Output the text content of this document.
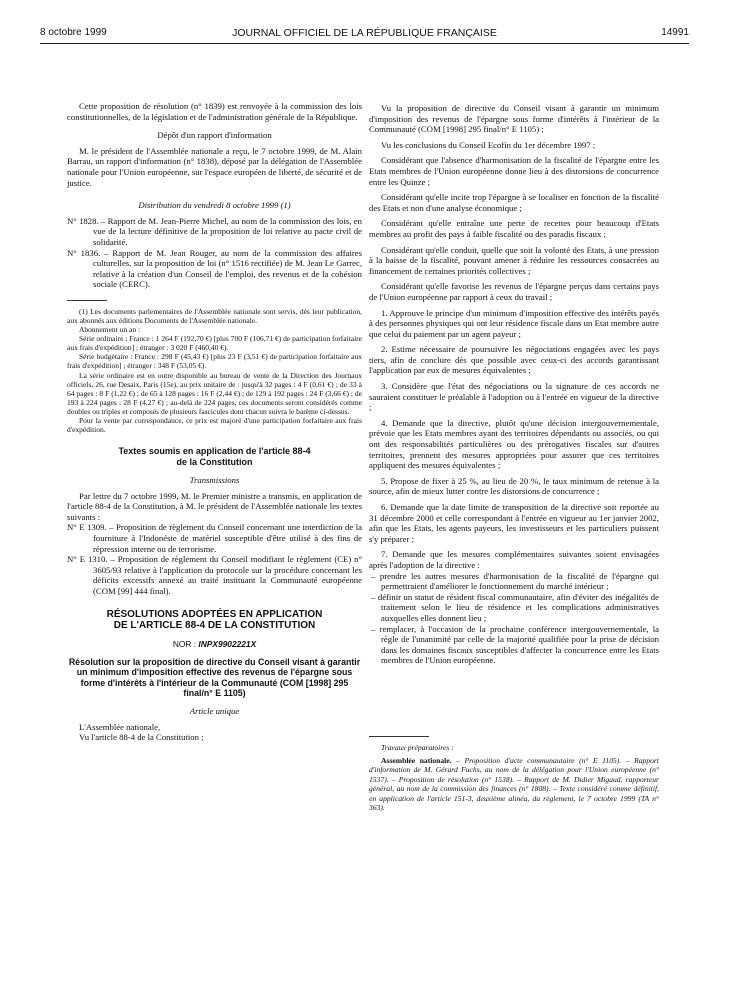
8 octobre 1999	JOURNAL OFFICIEL DE LA RÉPUBLIQUE FRANÇAISE	14991

Cette proposition de résolution (n° 1839) est renvoyée à la commission des lois constitutionnelles, de la législation et de l'administration générale de la République.

Dépôt d'un rapport d'information

M. le président de l'Assemblée nationale a reçu, le 7 octobre 1999, de M. Alain Barrau, un rapport d'information (n° 1838), déposé par la délégation de l'Assemblée nationale pour l'Union européenne, sur l'espace européen de liberté, de sécurité et de justice.

Distribution du vendredi 8 octobre 1999 (1)

N° 1828. – Rapport de M. Jean-Pierre Michel, au nom de la commission des lois, en vue de la lecture définitive de la proposition de loi relative au pacte civil de solidarité.

N° 1836. – Rapport de M. Jean Rouger, au nom de la commission des affaires culturelles, sur la proposition de loi (n° 1516 rectifiée) de M. Jean Le Garrec, relative à la création d'un Conseil de l'emploi, des revenus et de la cohésion sociale (CERC).

(1) Les documents parlementaires de l'Assemblée nationale sont servis, dès leur publication, aux abonnés aux éditions Documents de l'Assemblée nationale.

Abonnement un an :

Série ordinaire : France : 1 264 F (192,70 €) [plus 700 F (106,71 €) de participation forfaitaire aux frais d'expédition] ; étranger : 3 020 F (460,40 €).

Série budgétaire : France : 298 F (45,43 €) [plus 23 F (3,51 €) de participation forfaitaire aux frais d'expédition] ; étranger : 348 F (53,05 €).

La série ordinaire est en outre disponible au bureau de vente de la Direction des Journaux officiels, 26, rue Desaix, Paris (15e), au prix unitaire de : jusqu'à 32 pages : 4 F (0,61 €) ; de 33 à 64 pages : 8 F (1,22 €) ; de 65 à 128 pages : 16 F (2,44 €) ; de 129 à 192 pages : 24 F (3,66 €) ; de 193 à 224 pages : 28 F (4,27 €) ; au-delà de 224 pages, ces documents seront considérés comme doubles ou triples et composés de plusieurs fascicules dont chacun suivra le barème ci-dessus.

Pour la vente par correspondance, ce prix est majoré d'une participation forfaitaire aux frais d'expédition.

Textes soumis en application de l'article 88-4
de la Constitution

Transmissions

Par lettre du 7 octobre 1999, M. le Premier ministre a transmis, en application de l'article 88-4 de la Constitution, à M. le président de l'Assemblée nationale les textes suivants :

N° E 1309. – Proposition de règlement du Conseil concernant une interdiction de la fourniture à l'Indonésie de matériel susceptible d'être utilisé à des fins de répression interne ou de terrorisme.

N° E 1310. – Proposition de règlement du Conseil modifiant le règlement (CE) n° 3605/93 relative à l'application du protocole sur la procédure concernant les déficits excessifs annexé au traité instituant la Communauté européenne (COM [99] 444 final).

RÉSOLUTIONS ADOPTÉES EN APPLICATION
DE L'ARTICLE 88-4 DE LA CONSTITUTION

NOR : INPX9902221X

Résolution sur la proposition de directive du Conseil visant à garantir un minimum d'imposition effective des revenus de l'épargne sous forme d'intérêts à l'intérieur de la Communauté (COM [1998] 295 final/n° E 1105)

Article unique

L'Assemblée nationale,

Vu l'article 88-4 de la Constitution ;

Vu la proposition de directive du Conseil visant à garantir un minimum d'imposition des revenus de l'épargne sous forme d'intérêts à l'intérieur de la Communauté (COM [1998] 295 final/n° E 1105) ;

Vu les conclusions du Conseil Ecofin du 1er décembre 1997 ;

Considérant que l'absence d'harmonisation de la fiscalité de l'épargne entre les Etats membres de l'Union européenne donne lieu à des distorsions de concurrence entre les Quinze ;

Considérant qu'elle incite trop l'épargne à se localiser en fonction de la fiscalité des Etats et non d'une analyse économique ;

Considérant qu'elle entraîne une perte de recettes pour beaucoup d'Etats membres au profit des pays à faible fiscalité ou des paradis fiscaux ;

Considérant qu'elle conduit, quelle que soit la volonté des Etats, à une pression à la baisse de la fiscalité, pouvant amener à réduire les ressources consacrées au financement de certaines priorités collectives ;

Considérant qu'elle favorise les revenus de l'épargne perçus dans certains pays de l'Union européenne par rapport à ceux du travail ;

1. Approuve le principe d'un minimum d'imposition effective des intérêts payés à des personnes physiques qui ont leur résidence fiscale dans un Etat membre autre que celui du paiement par un agent payeur ;

2. Estime nécessaire de poursuivre les négociations engagées avec les pays tiers, afin de conclure dès que possible avec ceux-ci des accords garantissant l'application par eux de mesures équivalentes ;

3. Considère que l'état des négociations ou la signature de ces accords ne sauraient constituer le préalable à l'adoption ou à l'entrée en vigueur de la directive ;

4. Demande que la directive, plutôt qu'une décision intergouvernementale, prévoie que les Etats membres ayant des territoires dépendants ou associés, ou qui ont des responsabilités particulières ou des prérogatives fiscales sur d'autres territoires, prennent des mesures appropriées pour assurer que ces territoires appliquent des mesures équivalentes ;

5. Propose de fixer à 25 %, au lieu de 20 %, le taux minimum de retenue à la source, afin de mieux lutter contre les distorsions de concurrence ;

6. Demande que la date limite de transposition de la directive soit reportée au 31 décembre 2000 et celle correspondant à l'entrée en vigueur au 1er janvier 2002, afin que les Etats, les agents payeurs, les investisseurs et les particuliers puissent s'y préparer ;

7. Demande que les mesures complémentaires suivantes soient envisagées après l'adoption de la directive :

– prendre les autres mesures d'harmonisation de la fiscalité de l'épargne qui permettraient d'améliorer le fonctionnement du marché intérieur ;

– définir un statut de résident fiscal communautaire, afin d'éviter des inégalités de traitement selon le lieu de résidence et les complications administratives auxquelles elles donnent lieu ;

– remplacer, à l'occasion de la prochaine conférence intergouvernementale, la règle de l'unanimité par celle de la majorité qualifiée pour la prise de décision dans les domaines fiscaux susceptibles d'affecter la concurrence entre les Etats membres de l'Union européenne.

Travaux préparatoires :

Assemblée nationale. – Proposition d'acte communautaire (n° E 1105). – Rapport d'information de M. Gérard Fuchs, au nom de la délégation pour l'Union européenne (n° 1537). – Proposition de résolution (n° 1538). – Rapport de M. Didier Migaud, rapporteur général, au nom de la commission des finances (n° 1808). – Texte considéré comme définitif, en application de l'article 151-3, deuxième alinéa, du règlement, le 7 octobre 1999 (TA n° 363).
